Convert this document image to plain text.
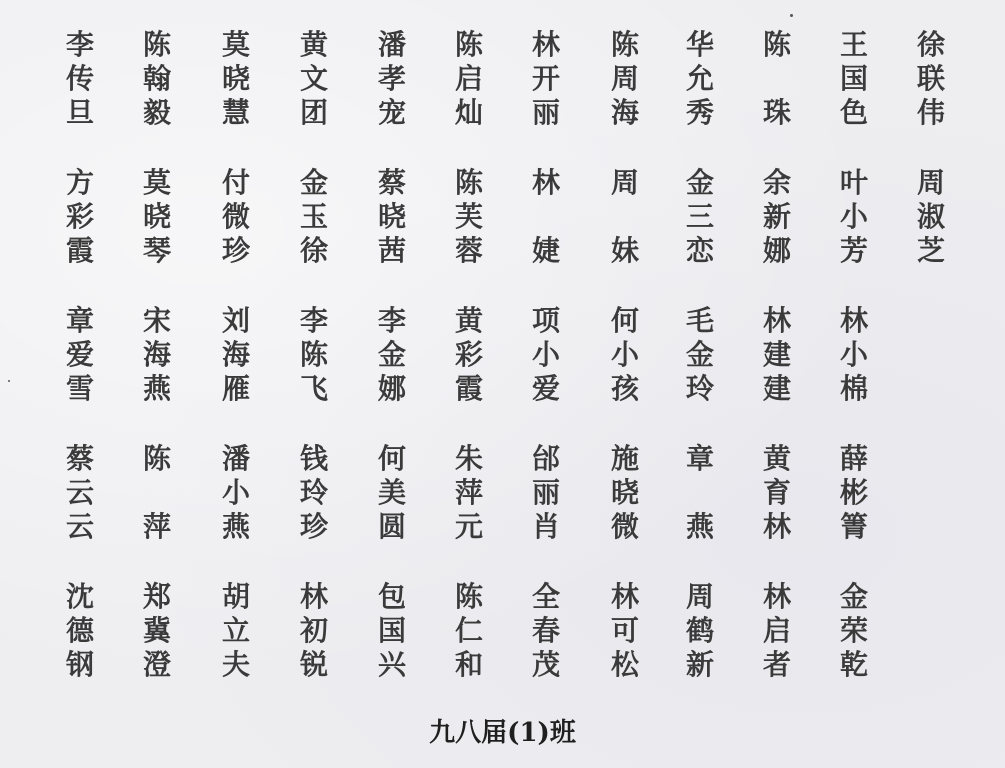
李
传
旦
陈
翰
毅
莫
晓
慧
黄
文
团
潘
孝
宠
陈
启
灿
林
开
丽
陈
周
海
华
允
秀
陈
珠
王
国
色
徐
联
伟
方
彩
霞
莫
晓
琴
付
微
珍
金
玉
徐
蔡
晓
茜
陈
芙
蓉
林
婕
周
妹
金
三
恋
余
新
娜
叶
小
芳
周
淑
芝
章
爱
雪
宋
海
燕
刘
海
雁
李
陈
飞
李
金
娜
黄
彩
霞
项
小
爱
何
小
孩
毛
金
玲
林
建
建
林
小
棉
蔡
云
云
陈
萍
潘
小
燕
钱
玲
珍
何
美
圆
朱
萍
元
邰
丽
肖
施
晓
微
章
燕
黄
育
林
薛
彬
箐
沈
德
钢
郑
冀
澄
胡
立
夫
林
初
锐
包
国
兴
陈
仁
和
全
春
茂
林
可
松
周
鹤
新
林
启
者
金
荣
乾
九八届(1)班
